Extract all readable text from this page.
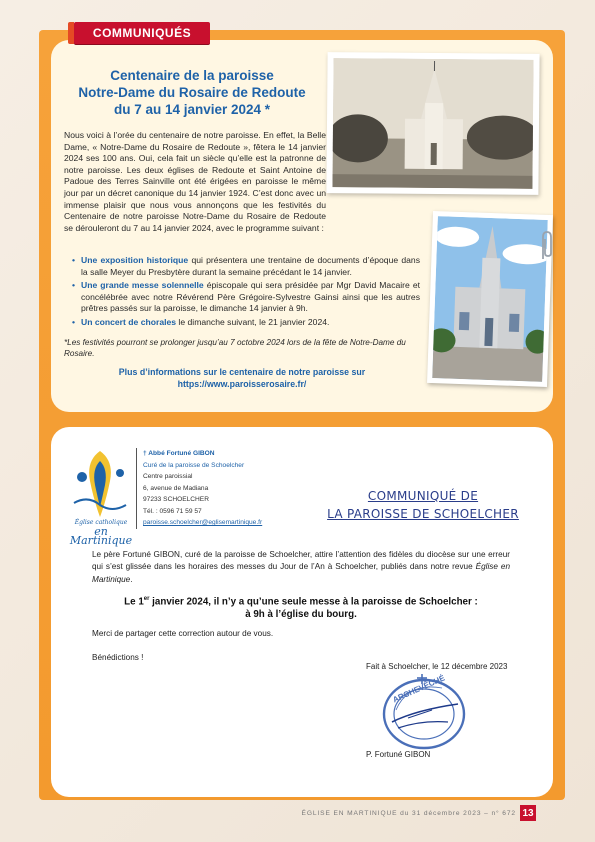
COMMUNIQUÉS
Centenaire de la paroisse
Notre-Dame du Rosaire de Redoute
du 7 au 14 janvier 2024 *

Nous voici à l’orée du centenaire de notre paroisse. En effet, la Belle Dame, « Notre-Dame du Rosaire de Redoute », fêtera le 14 janvier 2024 ses 100 ans. Oui, cela fait un siècle qu’elle est la patronne de notre paroisse. Les deux églises de Redoute et Saint Antoine de Padoue des Terres Sainville ont été érigées en paroisse le même jour par un décret canonique du 14 janvier 1924. C’est donc avec un immense plaisir que nous vous annonçons que les festivités du Centenaire de notre paroisse Notre-Dame du Rosaire de Redoute se dérouleront du 7 au 14 janvier 2024, avec le programme suivant :

• Une exposition historique qui présentera une trentaine de documents d’époque dans la salle Meyer du Presbytère durant la semaine précédant le 14 janvier.
• Une grande messe solennelle épiscopale qui sera présidée par Mgr David Macaire et concélébrée avec notre Révérend Père Grégoire-Sylvestre Gainsi ainsi que les autres prêtres passés sur la paroisse, le dimanche 14 janvier à 9h.
• Un concert de chorales le dimanche suivant, le 21 janvier 2024.
*Les festivités pourront se prolonger jusqu’au 7 octobre 2024 lors de la fête de Notre-Dame du Rosaire.
Plus d’informations sur le centenaire de notre paroisse sur
https://www.paroisserosaire.fr/
Église catholique
en Martinique
† Abbé Fortuné GIBON
Curé de la paroisse de Schoelcher
Centre paroissial
6, avenue de Madiana
97233 SCHOELCHER
Tél. : 0596 71 59 57
paroisse.schoelcher@eglisemartinique.fr
COMMUNIQUÉ DE
LA PAROISSE DE SCHOELCHER
Le père Fortuné GIBON, curé de la paroisse de Schoelcher, attire l’attention des fidèles du diocèse sur une erreur qui s’est glissée dans les horaires des messes du Jour de l’An à Schoelcher, publiés dans notre revue Église en Martinique.
Le 1er janvier 2024, il n’y a qu’une seule messe à la paroisse de Schoelcher :
à 9h à l’église du bourg.
Merci de partager cette correction autour de vous.
Bénédictions !
Fait à Schoelcher, le 12 décembre 2023
ARCHEVÊCHÉ
P. Fortuné GIBON
ÉGLISE EN MARTINIQUE du 31 décembre 2023 – n° 672 13
